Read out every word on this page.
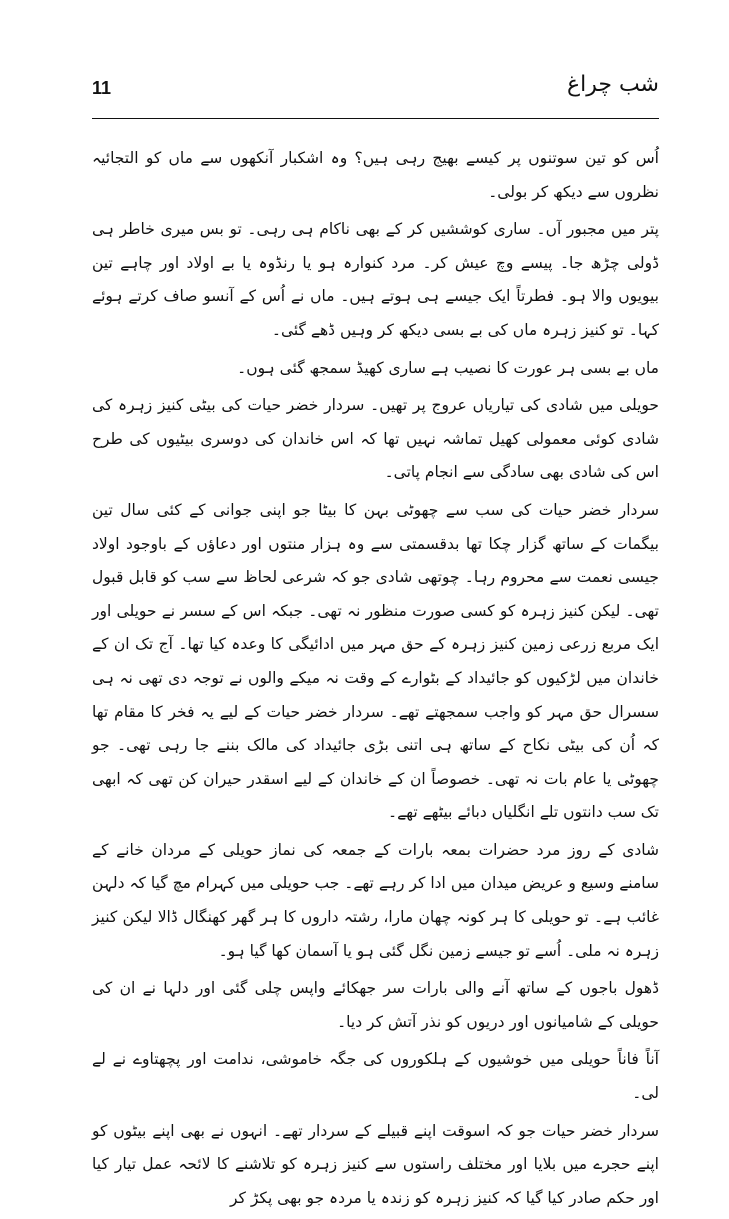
11	شب چراغ

اُس کو تین سوتنوں پر کیسے بھیج رہی ہیں؟ وہ اشکبار آنکھوں سے ماں کو التجائیہ نظروں سے دیکھ کر بولی۔

پتر میں مجبور آں۔ ساری کوششیں کر کے بھی ناکام ہی رہی۔ تو بس میری خاطر ہی ڈولی چڑھ جا۔ پیسے وچ عیش کر۔ مرد کنوارہ ہو یا رنڈوہ یا بے اولاد اور چاہے تین بیویوں والا ہو۔ فطرتاً ایک جیسے ہی ہوتے ہیں۔ ماں نے اُس کے آنسو صاف کرتے ہوئے کہا۔ تو کنیز زہرہ ماں کی بے بسی دیکھ کر وہیں ڈھے گئی۔

ماں بے بسی ہر عورت کا نصیب ہے ساری کھیڈ سمجھ گئی ہوں۔

حویلی میں شادی کی تیاریاں عروج پر تھیں۔ سردار خضر حیات کی بیٹی کنیز زہرہ کی شادی کوئی معمولی کھیل تماشہ نہیں تھا کہ اس خاندان کی دوسری بیٹیوں کی طرح اس کی شادی بھی سادگی سے انجام پاتی۔

سردار خضر حیات کی سب سے چھوٹی بہن کا بیٹا جو اپنی جوانی کے کئی سال تین بیگمات کے ساتھ گزار چکا تھا بدقسمتی سے وہ ہزار منتوں اور دعاؤں کے باوجود اولاد جیسی نعمت سے محروم رہا۔ چوتھی شادی جو کہ شرعی لحاظ سے سب کو قابل قبول تھی۔ لیکن کنیز زہرہ کو کسی صورت منظور نہ تھی۔ جبکہ اس کے سسر نے حویلی اور ایک مربع زرعی زمین کنیز زہرہ کے حق مہر میں ادائیگی کا وعدہ کیا تھا۔ آج تک ان کے خاندان میں لڑکیوں کو جائیداد کے بٹوارے کے وقت نہ میکے والوں نے توجہ دی تھی نہ ہی سسرال حق مہر کو واجب سمجھتے تھے۔ سردار خضر حیات کے لیے یہ فخر کا مقام تھا کہ اُن کی بیٹی نکاح کے ساتھ ہی اتنی بڑی جائیداد کی مالک بننے جا رہی تھی۔ جو چھوٹی یا عام بات نہ تھی۔ خصوصاً ان کے خاندان کے لیے اسقدر حیران کن تھی کہ ابھی تک سب دانتوں تلے انگلیاں دبائے بیٹھے تھے۔

شادی کے روز مرد حضرات بمعہ بارات کے جمعہ کی نماز حویلی کے مردان خانے کے سامنے وسیع و عریض میدان میں ادا کر رہے تھے۔ جب حویلی میں کہرام مچ گیا کہ دلہن غائب ہے۔ تو حویلی کا ہر کونہ چھان مارا، رشتہ داروں کا ہر گھر کھنگال ڈالا لیکن کنیز زہرہ نہ ملی۔ اُسے تو جیسے زمین نگل گئی ہو یا آسمان کھا گیا ہو۔

ڈھول باجوں کے ساتھ آنے والی بارات سر جھکائے واپس چلی گئی اور دلہا نے ان کی حویلی کے شامیانوں اور دریوں کو نذر آتش کر دیا۔

آناً فاناً حویلی میں خوشیوں کے ہلکوروں کی جگہ خاموشی، ندامت اور پچھتاوے نے لے لی۔

سردار خضر حیات جو کہ اسوقت اپنے قبیلے کے سردار تھے۔ انہوں نے بھی اپنے بیٹوں کو اپنے حجرے میں بلایا اور مختلف راستوں سے کنیز زہرہ کو تلاشنے کا لائحہ عمل تیار کیا اور حکم صادر کیا گیا کہ کنیز زہرہ کو زندہ یا مردہ جو بھی پکڑ کر
